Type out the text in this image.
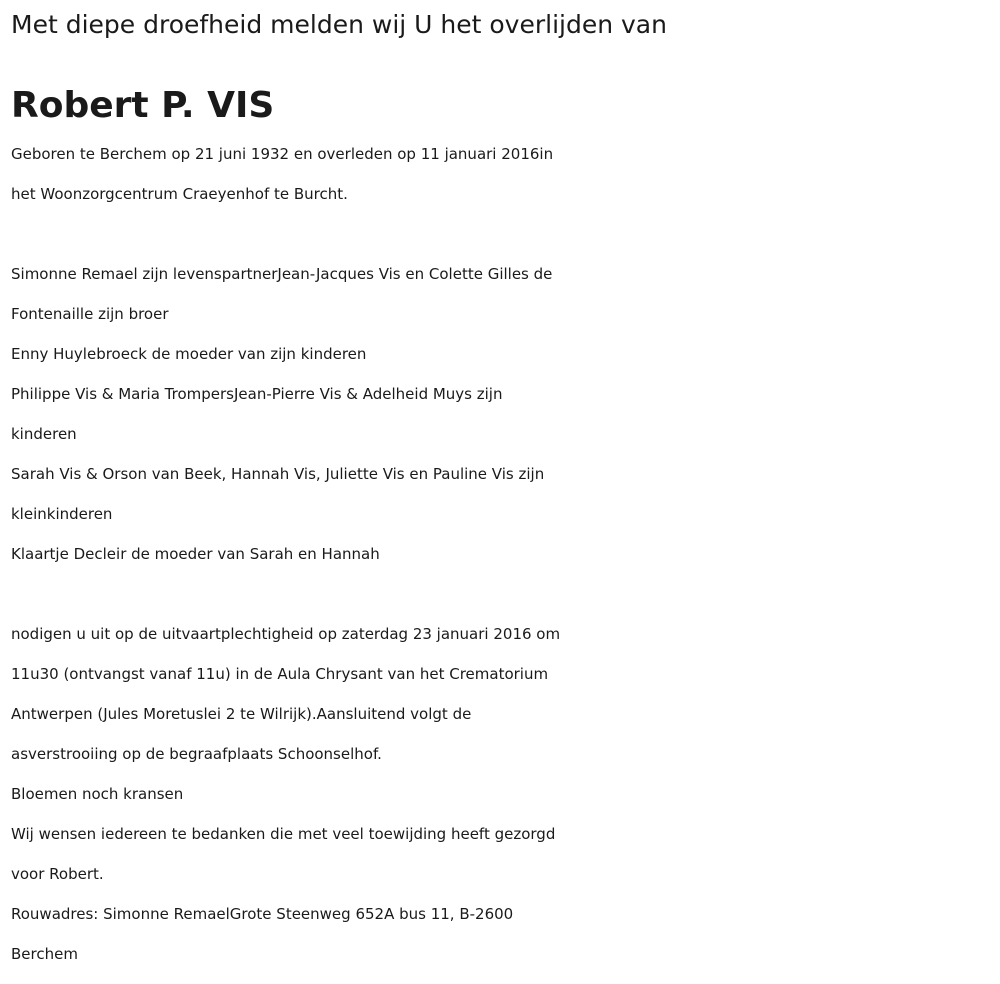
Met diepe droefheid melden wij U het overlijden van
Robert P. VIS
Geboren te Berchem op 21 juni 1932 en overleden op 11 januari 2016in
het Woonzorgcentrum Craeyenhof te Burcht.
Simonne Remael zijn levenspartnerJean-Jacques Vis en Colette Gilles de
Fontenaille zijn broer
Enny Huylebroeck de moeder van zijn kinderen
Philippe Vis & Maria TrompersJean-Pierre Vis & Adelheid Muys zijn
kinderen
Sarah Vis & Orson van Beek, Hannah Vis, Juliette Vis en Pauline Vis zijn
kleinkinderen
Klaartje Decleir de moeder van Sarah en Hannah
nodigen u uit op de uitvaartplechtigheid op zaterdag 23 januari 2016 om
11u30 (ontvangst vanaf 11u) in de Aula Chrysant van het Crematorium
Antwerpen (Jules Moretuslei 2 te Wilrijk).Aansluitend volgt de
asverstrooiing op de begraafplaats Schoonselhof.
Bloemen noch kransen
Wij wensen iedereen te bedanken die met veel toewijding heeft gezorgd
voor Robert.
Rouwadres: Simonne RemaelGrote Steenweg 652A bus 11, B-2600
Berchem
